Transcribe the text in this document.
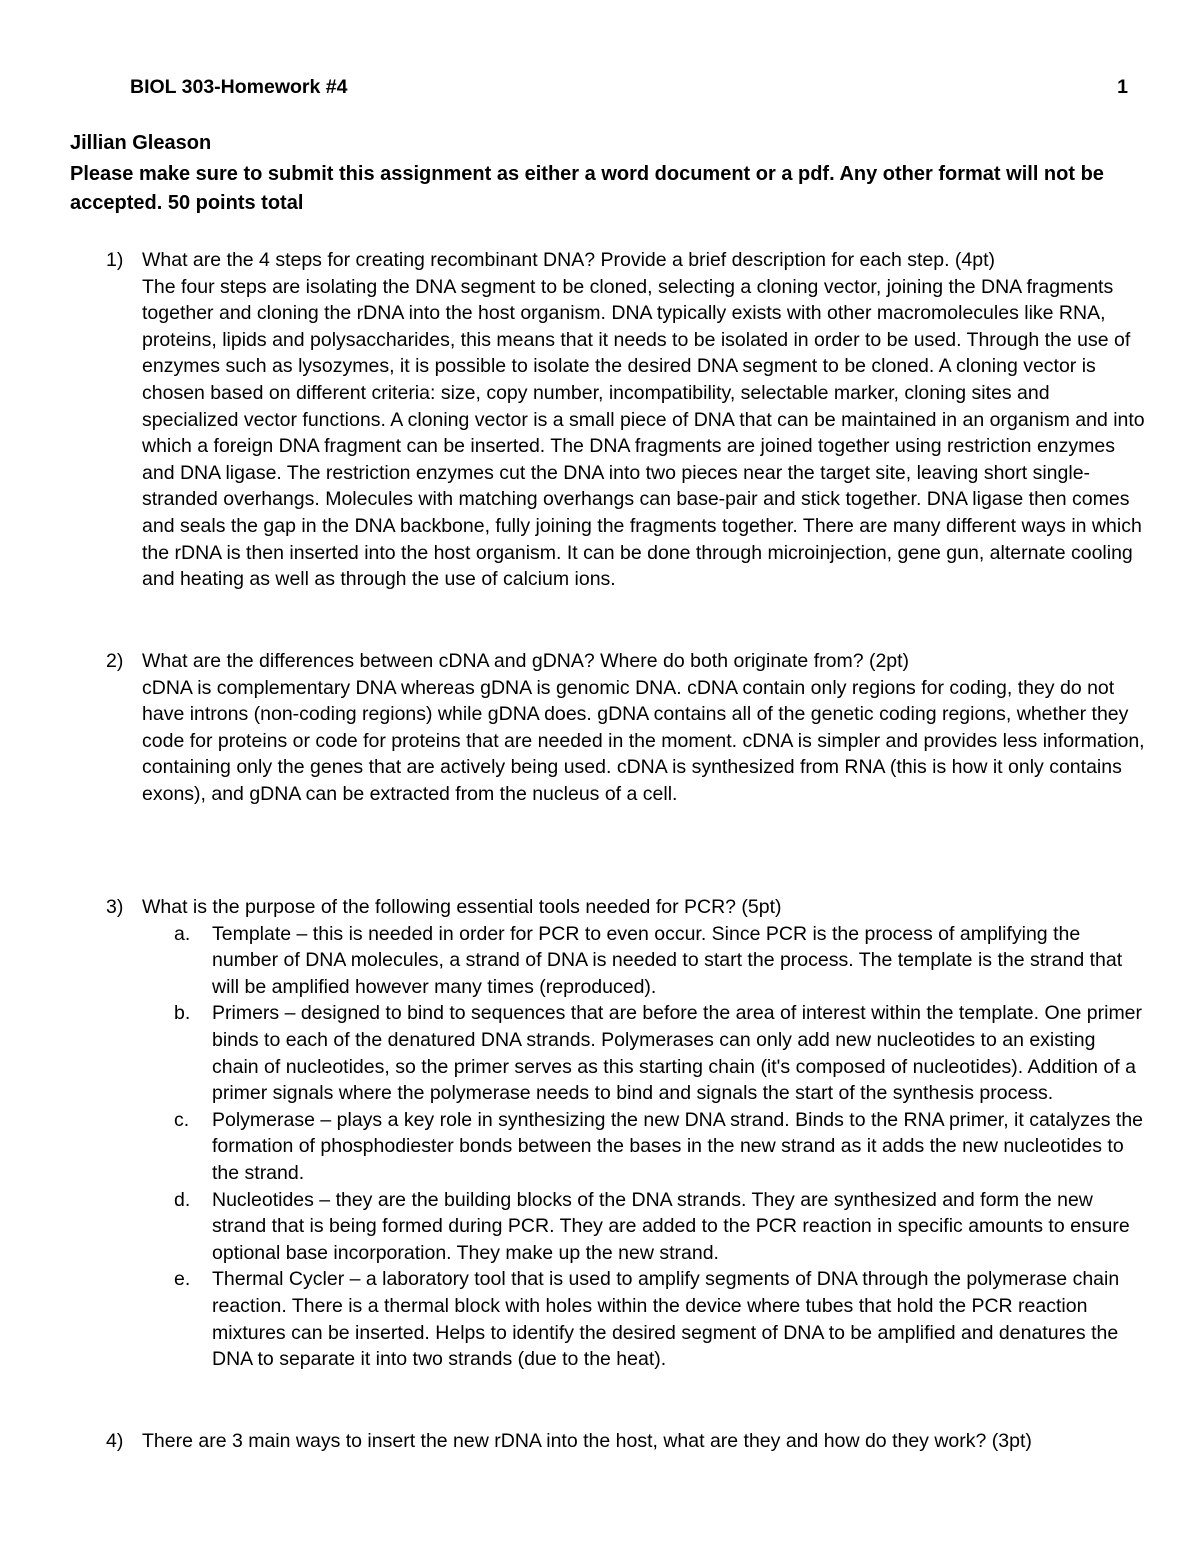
BIOL 303-Homework #4	1
Jillian Gleason
Please make sure to submit this assignment as either a word document or a pdf. Any other format will not be accepted. 50 points total
1) What are the 4 steps for creating recombinant DNA? Provide a brief description for each step. (4pt)

The four steps are isolating the DNA segment to be cloned, selecting a cloning vector, joining the DNA fragments together and cloning the rDNA into the host organism. DNA typically exists with other macromolecules like RNA, proteins, lipids and polysaccharides, this means that it needs to be isolated in order to be used. Through the use of enzymes such as lysozymes, it is possible to isolate the desired DNA segment to be cloned. A cloning vector is chosen based on different criteria: size, copy number, incompatibility, selectable marker, cloning sites and specialized vector functions. A cloning vector is a small piece of DNA that can be maintained in an organism and into which a foreign DNA fragment can be inserted. The DNA fragments are joined together using restriction enzymes and DNA ligase. The restriction enzymes cut the DNA into two pieces near the target site, leaving short single-stranded overhangs. Molecules with matching overhangs can base-pair and stick together. DNA ligase then comes and seals the gap in the DNA backbone, fully joining the fragments together. There are many different ways in which the rDNA is then inserted into the host organism. It can be done through microinjection, gene gun, alternate cooling and heating as well as through the use of calcium ions.

2) What are the differences between cDNA and gDNA? Where do both originate from? (2pt)

cDNA is complementary DNA whereas gDNA is genomic DNA. cDNA contain only regions for coding, they do not have introns (non-coding regions) while gDNA does. gDNA contains all of the genetic coding regions, whether they code for proteins or code for proteins that are needed in the moment. cDNA is simpler and provides less information, containing only the genes that are actively being used. cDNA is synthesized from RNA (this is how it only contains exons), and gDNA can be extracted from the nucleus of a cell.

3) What is the purpose of the following essential tools needed for PCR? (5pt)

a. Template – this is needed in order for PCR to even occur. Since PCR is the process of amplifying the number of DNA molecules, a strand of DNA is needed to start the process. The template is the strand that will be amplified however many times (reproduced).

b. Primers – designed to bind to sequences that are before the area of interest within the template. One primer binds to each of the denatured DNA strands. Polymerases can only add new nucleotides to an existing chain of nucleotides, so the primer serves as this starting chain (it's composed of nucleotides). Addition of a primer signals where the polymerase needs to bind and signals the start of the synthesis process.

c. Polymerase – plays a key role in synthesizing the new DNA strand. Binds to the RNA primer, it catalyzes the formation of phosphodiester bonds between the bases in the new strand as it adds the new nucleotides to the strand.

d. Nucleotides – they are the building blocks of the DNA strands. They are synthesized and form the new strand that is being formed during PCR. They are added to the PCR reaction in specific amounts to ensure optional base incorporation. They make up the new strand.

e. Thermal Cycler – a laboratory tool that is used to amplify segments of DNA through the polymerase chain reaction. There is a thermal block with holes within the device where tubes that hold the PCR reaction mixtures can be inserted. Helps to identify the desired segment of DNA to be amplified and denatures the DNA to separate it into two strands (due to the heat).

4) There are 3 main ways to insert the new rDNA into the host, what are they and how do they work? (3pt)
